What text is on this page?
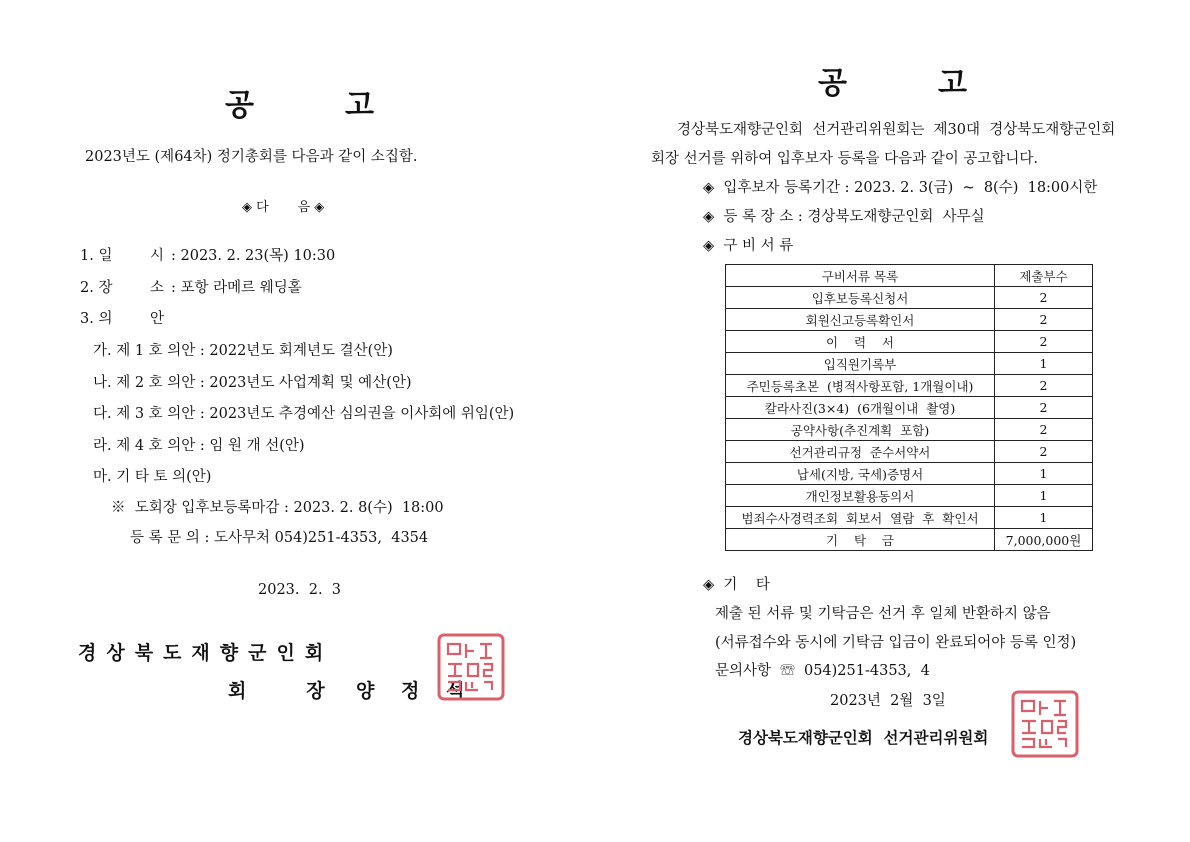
공	고
2023년도 (제64차) 정기총회를 다음과 같이 소집함.
◈ 다       음 ◈
1. 일	시 : 2023. 2. 23(목) 10:30
2. 장	소 : 포항 라메르 웨딩홀
3. 의	안
가. 제 1 호 의안 : 2022년도 회계년도 결산(안)
나. 제 2 호 의안 : 2023년도 사업계획 및 예산(안)
다. 제 3 호 의안 : 2023년도 추경예산 심의권을 이사회에 위임(안)
라. 제 4 호 의안 : 임 원 개 선(안)
마. 기 타 토 의(안)
※  도회장 입후보등록마감 : 2023. 2. 8(수)  18:00
등 록 문 의 : 도사무처 054)251-4353,  4354
2023.  2.  3
경상북도재향군인회
회   장 양 정 석
공	고
경상북도재향군인회  선거관리위원회는  제30대  경상북도재향군인회
회장 선거를 위하여 입후보자 등록을 다음과 같이 공고합니다.
◈  입후보자 등록기간 : 2023. 2. 3(금)  ~  8(수)  18:00시한
◈  등 록 장 소 : 경상북도재향군인회  사무실
◈  구 비 서 류
구비서류 목록	제출부수
입후보등록신청서	2
회원신고등록확인서	2
이    력    서	2
입직원기록부	1
주민등록초본  (병적사항포함, 1개월이내)	2
칼라사진(3×4)  (6개월이내  촬영)	2
공약사항(추진계획  포함)	2
선거관리규정  준수서약서	2
납세(지방, 국세)증명서	1
개인정보활용동의서	1
범죄수사경력조회  회보서  열람  후  확인서	1
기    탁    금	7,000,000원
◈  기    타
제출 된 서류 및 기탁금은 선거 후 일체 반환하지 않음
(서류접수와 동시에 기탁금 입금이 완료되어야 등록 인정)
문의사항  ☏  054)251-4353,  4
2023년  2월  3일
경상북도재향군인회  선거관리위원회
